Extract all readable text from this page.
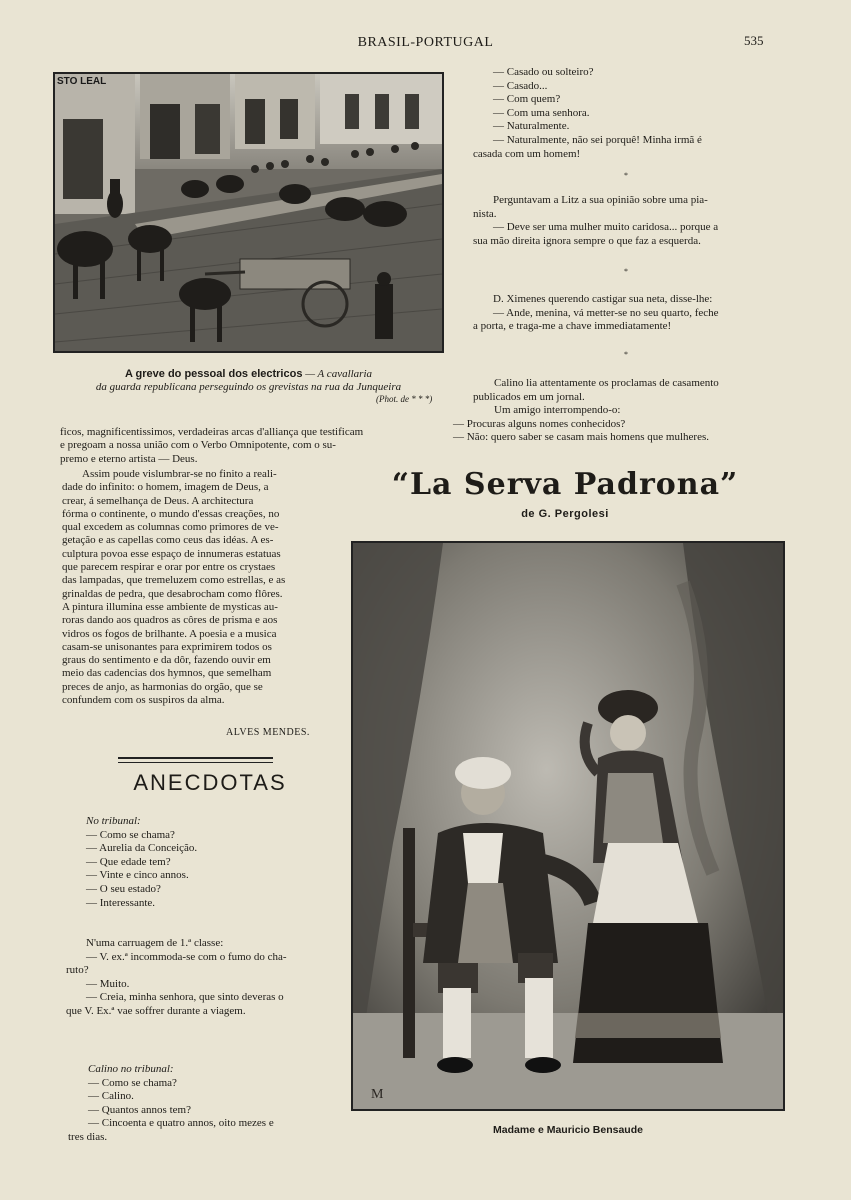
BRASIL-PORTUGAL	535
STO LEAL
A greve do pessoal dos electricos — A cavallaria
da guarda republicana perseguindo os grevistas na rua da Junqueira
(Phot. de * * *)
— Casado ou solteiro?
— Casado...
— Com quem?
— Com uma senhora.
— Naturalmente.
— Naturalmente, não sei porquê! Minha irmã é
casada com um homem!
*
Perguntavam a Litz a sua opinião sobre uma pia-
nista.
— Deve ser uma mulher muito caridosa... porque a
sua mão direita ignora sempre o que faz a esquerda.
*
D. Ximenes querendo castigar sua neta, disse-lhe:
— Ande, menina, vá metter-se no seu quarto, feche
a porta, e traga-me a chave immediatamente!
*
Calino lia attentamente os proclamas de casamento
publicados em um jornal.
Um amigo interrompendo-o:
— Procuras alguns nomes conhecidos?
— Não: quero saber se casam mais homens que mulheres.
ficos, magnificentissimos, verdadeiras arcas d'alliança que testificam
e pregoam a nossa união com o Verbo Omnipotente, com o su-
premo e eterno artista — Deus.
Assim poude vislumbrar-se no finito a reali-
dade do infinito: o homem, imagem de Deus, a
crear, á semelhança de Deus. A architectura
fórma o continente, o mundo d'essas creações, no
qual excedem as columnas como primores de ve-
getação e as capellas como ceus das idéas. A es-
culptura povoa esse espaço de innumeras estatuas
que parecem respirar e orar por entre os crystaes
das lampadas, que tremeluzem como estrellas, e as
grinaldas de pedra, que desabrocham como flôres.
A pintura illumina esse ambiente de mysticas au-
roras dando aos quadros as côres de prisma e aos
vidros os fogos de brilhante. A poesia e a musica
casam-se unisonantes para exprimirem todos os
graus do sentimento e da dôr, fazendo ouvir em
meio das cadencias dos hymnos, que semelham
preces de anjo, as harmonias do orgão, que se
confundem com os suspiros da alma.
ALVES MENDES.
ANECDOTAS
No tribunal:
— Como se chama?
— Aurelia da Conceição.
— Que edade tem?
— Vinte e cinco annos.
— O seu estado?
— Interessante.
N'uma carruagem de 1.ª classe:
— V. ex.ª incommoda-se com o fumo do cha-
ruto?
— Muito.
— Creia, minha senhora, que sinto deveras o
que V. Ex.ª vae soffrer durante a viagem.
Calino no tribunal:
— Como se chama?
— Calino.
— Quantos annos tem?
— Cincoenta e quatro annos, oito mezes e
tres dias.
“La Serva Padrona”
de G. Pergolesi
M
Madame e Mauricio Bensaude
